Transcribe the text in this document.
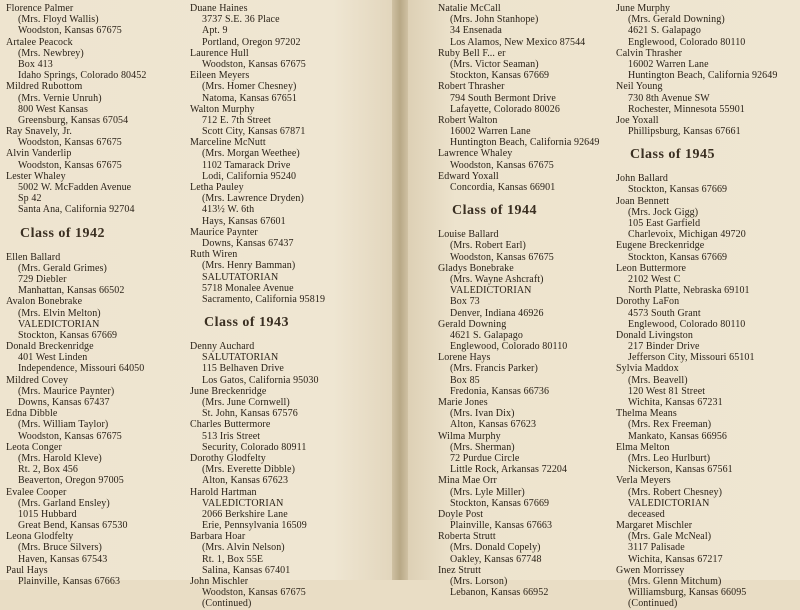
Florence Palmer
(Mrs. Floyd Wallis)
Woodston, Kansas 67675
Artalee Peacock
(Mrs. Newbrey)
Box 413
Idaho Springs, Colorado 80452
Mildred Rubottom
(Mrs. Vernie Unruh)
800 West Kansas
Greensburg, Kansas 67054
Ray Snavely, Jr.
Woodston, Kansas 67675
Alvin Vanderlip
Woodston, Kansas 67675
Lester Whaley
5002 W. McFadden Avenue
Sp 42
Santa Ana, California 92704
Class of 1942
Ellen Ballard
(Mrs. Gerald Grimes)
729 Diebler
Manhattan, Kansas 66502
Avalon Bonebrake
(Mrs. Elvin Melton)
VALEDICTORIAN
Stockton, Kansas 67669
Donald Breckenridge
401 West Linden
Independence, Missouri 64050
Mildred Covey
(Mrs. Maurice Paynter)
Downs, Kansas 67437
Edna Dibble
(Mrs. William Taylor)
Woodston, Kansas 67675
Leota Conger
(Mrs. Harold Kleve)
Rt. 2, Box 456
Beaverton, Oregon 97005
Evalee Cooper
(Mrs. Garland Ensley)
1015 Hubbard
Great Bend, Kansas 67530
Leona Glodfelty
(Mrs. Bruce Silvers)
Haven, Kansas 67543
Paul Hays
Plainville, Kansas 67663
Duane Haines
3737 S.E. 36 Place
Apt. 9
Portland, Oregon 97202
Laurence Hull
Woodston, Kansas 67675
Eileen Meyers
(Mrs. Homer Chesney)
Natoma, Kansas 67651
Walton Murphy
712 E. 7th Street
Scott City, Kansas 67871
Marceline McNutt
(Mrs. Morgan Weethee)
1102 Tamarack Drive
Lodi, California 95240
Letha Pauley
(Mrs. Lawrence Dryden)
413½ W. 6th
Hays, Kansas 67601
Maurice Paynter
Downs, Kansas 67437
Ruth Wiren
(Mrs. Henry Bamman)
SALUTATORIAN
5718 Monalee Avenue
Sacramento, California 95819
Class of 1943
Denny Auchard
SALUTATORIAN
115 Belhaven Drive
Los Gatos, California 95030
June Breckenridge
(Mrs. June Cornwell)
St. John, Kansas 67576
Charles Buttermore
513 Iris Street
Security, Colorado 80911
Dorothy Glodfelty
(Mrs. Everette Dibble)
Alton, Kansas 67623
Harold Hartman
VALEDICTORIAN
2066 Berkshire Lane
Erie, Pennsylvania 16509
Barbara Hoar
(Mrs. Alvin Nelson)
Rt. 1, Box 55E
Salina, Kansas 67401
John Mischler
Woodston, Kansas 67675
(Continued)
Natalie McCall
(Mrs. John Stanhope)
34 Ensenada
Los Alamos, New Mexico 87544
Ruby Bell F... er
(Mrs. Victor Seaman)
Stockton, Kansas 67669
Robert Thrasher
794 South Bermont Drive
Lafayette, Colorado 80026
Robert Walton
16002 Warren Lane
Huntington Beach, California 92649
Lawrence Whaley
Woodston, Kansas 67675
Edward Yoxall
Concordia, Kansas 66901
Class of 1944
Louise Ballard
(Mrs. Robert Earl)
Woodston, Kansas 67675
Gladys Bonebrake
(Mrs. Wayne Ashcraft)
VALEDICTORIAN
Box 73
Denver, Indiana 46926
Gerald Downing
4621 S. Galapago
Englewood, Colorado 80110
Lorene Hays
(Mrs. Francis Parker)
Box 85
Fredonia, Kansas 66736
Marie Jones
(Mrs. Ivan Dix)
Alton, Kansas 67623
Wilma Murphy
(Mrs. Sherman)
72 Purdue Circle
Little Rock, Arkansas 72204
Mina Mae Orr
(Mrs. Lyle Miller)
Stockton, Kansas 67669
Doyle Post
Plainville, Kansas 67663
Roberta Strutt
(Mrs. Donald Copely)
Oakley, Kansas 67748
Inez Strutt
(Mrs. Lorson)
Lebanon, Kansas 66952
June Murphy
(Mrs. Gerald Downing)
4621 S. Galapago
Englewood, Colorado 80110
Calvin Thrasher
16002 Warren Lane
Huntington Beach, California 92649
Neil Young
730 8th Avenue SW
Rochester, Minnesota 55901
Joe Yoxall
Phillipsburg, Kansas 67661
Class of 1945
John Ballard
Stockton, Kansas 67669
Joan Bennett
(Mrs. Jock Gigg)
105 East Garfield
Charlevoix, Michigan 49720
Eugene Breckenridge
Stockton, Kansas 67669
Leon Buttermore
2102 West C
North Platte, Nebraska 69101
Dorothy LaFon
4573 South Grant
Englewood, Colorado 80110
Donald Livingston
217 Binder Drive
Jefferson City, Missouri 65101
Sylvia Maddox
(Mrs. Beavell)
120 West 81 Street
Wichita, Kansas 67231
Thelma Means
(Mrs. Rex Freeman)
Mankato, Kansas 66956
Elma Melton
(Mrs. Leo Hurlburt)
Nickerson, Kansas 67561
Verla Meyers
(Mrs. Robert Chesney)
VALEDICTORIAN
deceased
Margaret Mischler
(Mrs. Gale McNeal)
3117 Palisade
Wichita, Kansas 67217
Gwen Morrissey
(Mrs. Glenn Mitchum)
Williamsburg, Kansas 66095
(Continued)
